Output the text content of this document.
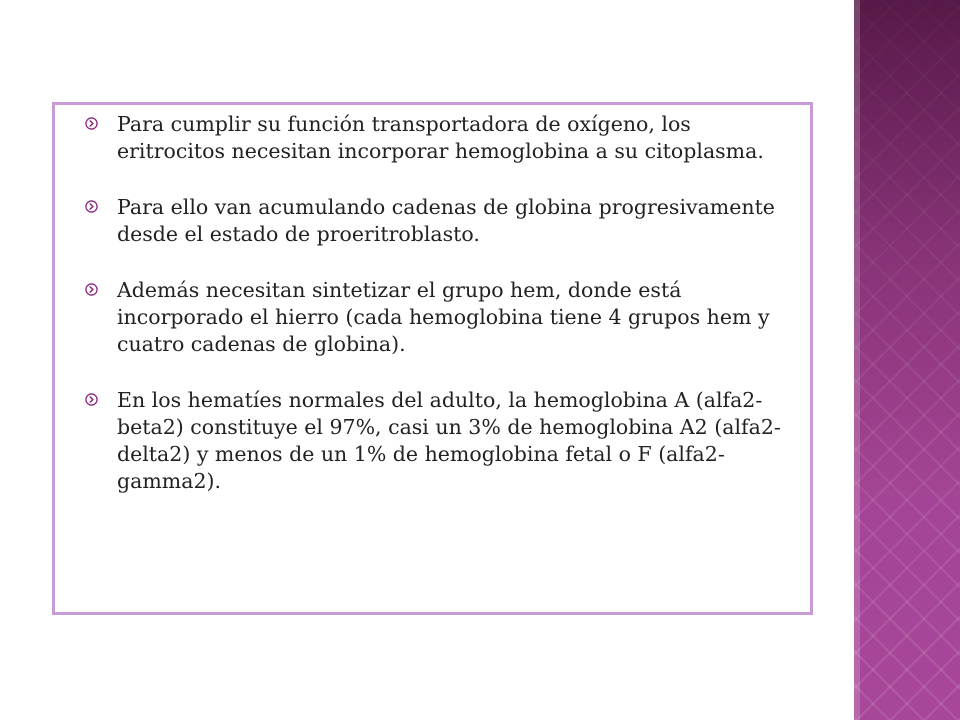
Para cumplir su función transportadora de oxígeno, los eritrocitos necesitan incorporar hemoglobina a su citoplasma.
Para ello van acumulando cadenas de globina progresivamente desde el estado de proeritroblasto.
Además necesitan sintetizar el grupo hem, donde está incorporado el hierro (cada hemoglobina tiene 4 grupos hem y cuatro cadenas de globina).
En los hematíes normales del adulto, la hemoglobina A (alfa2-beta2) constituye el 97%, casi un 3% de hemoglobina A2 (alfa2-delta2) y menos de un 1% de hemoglobina fetal o F (alfa2-gamma2).
